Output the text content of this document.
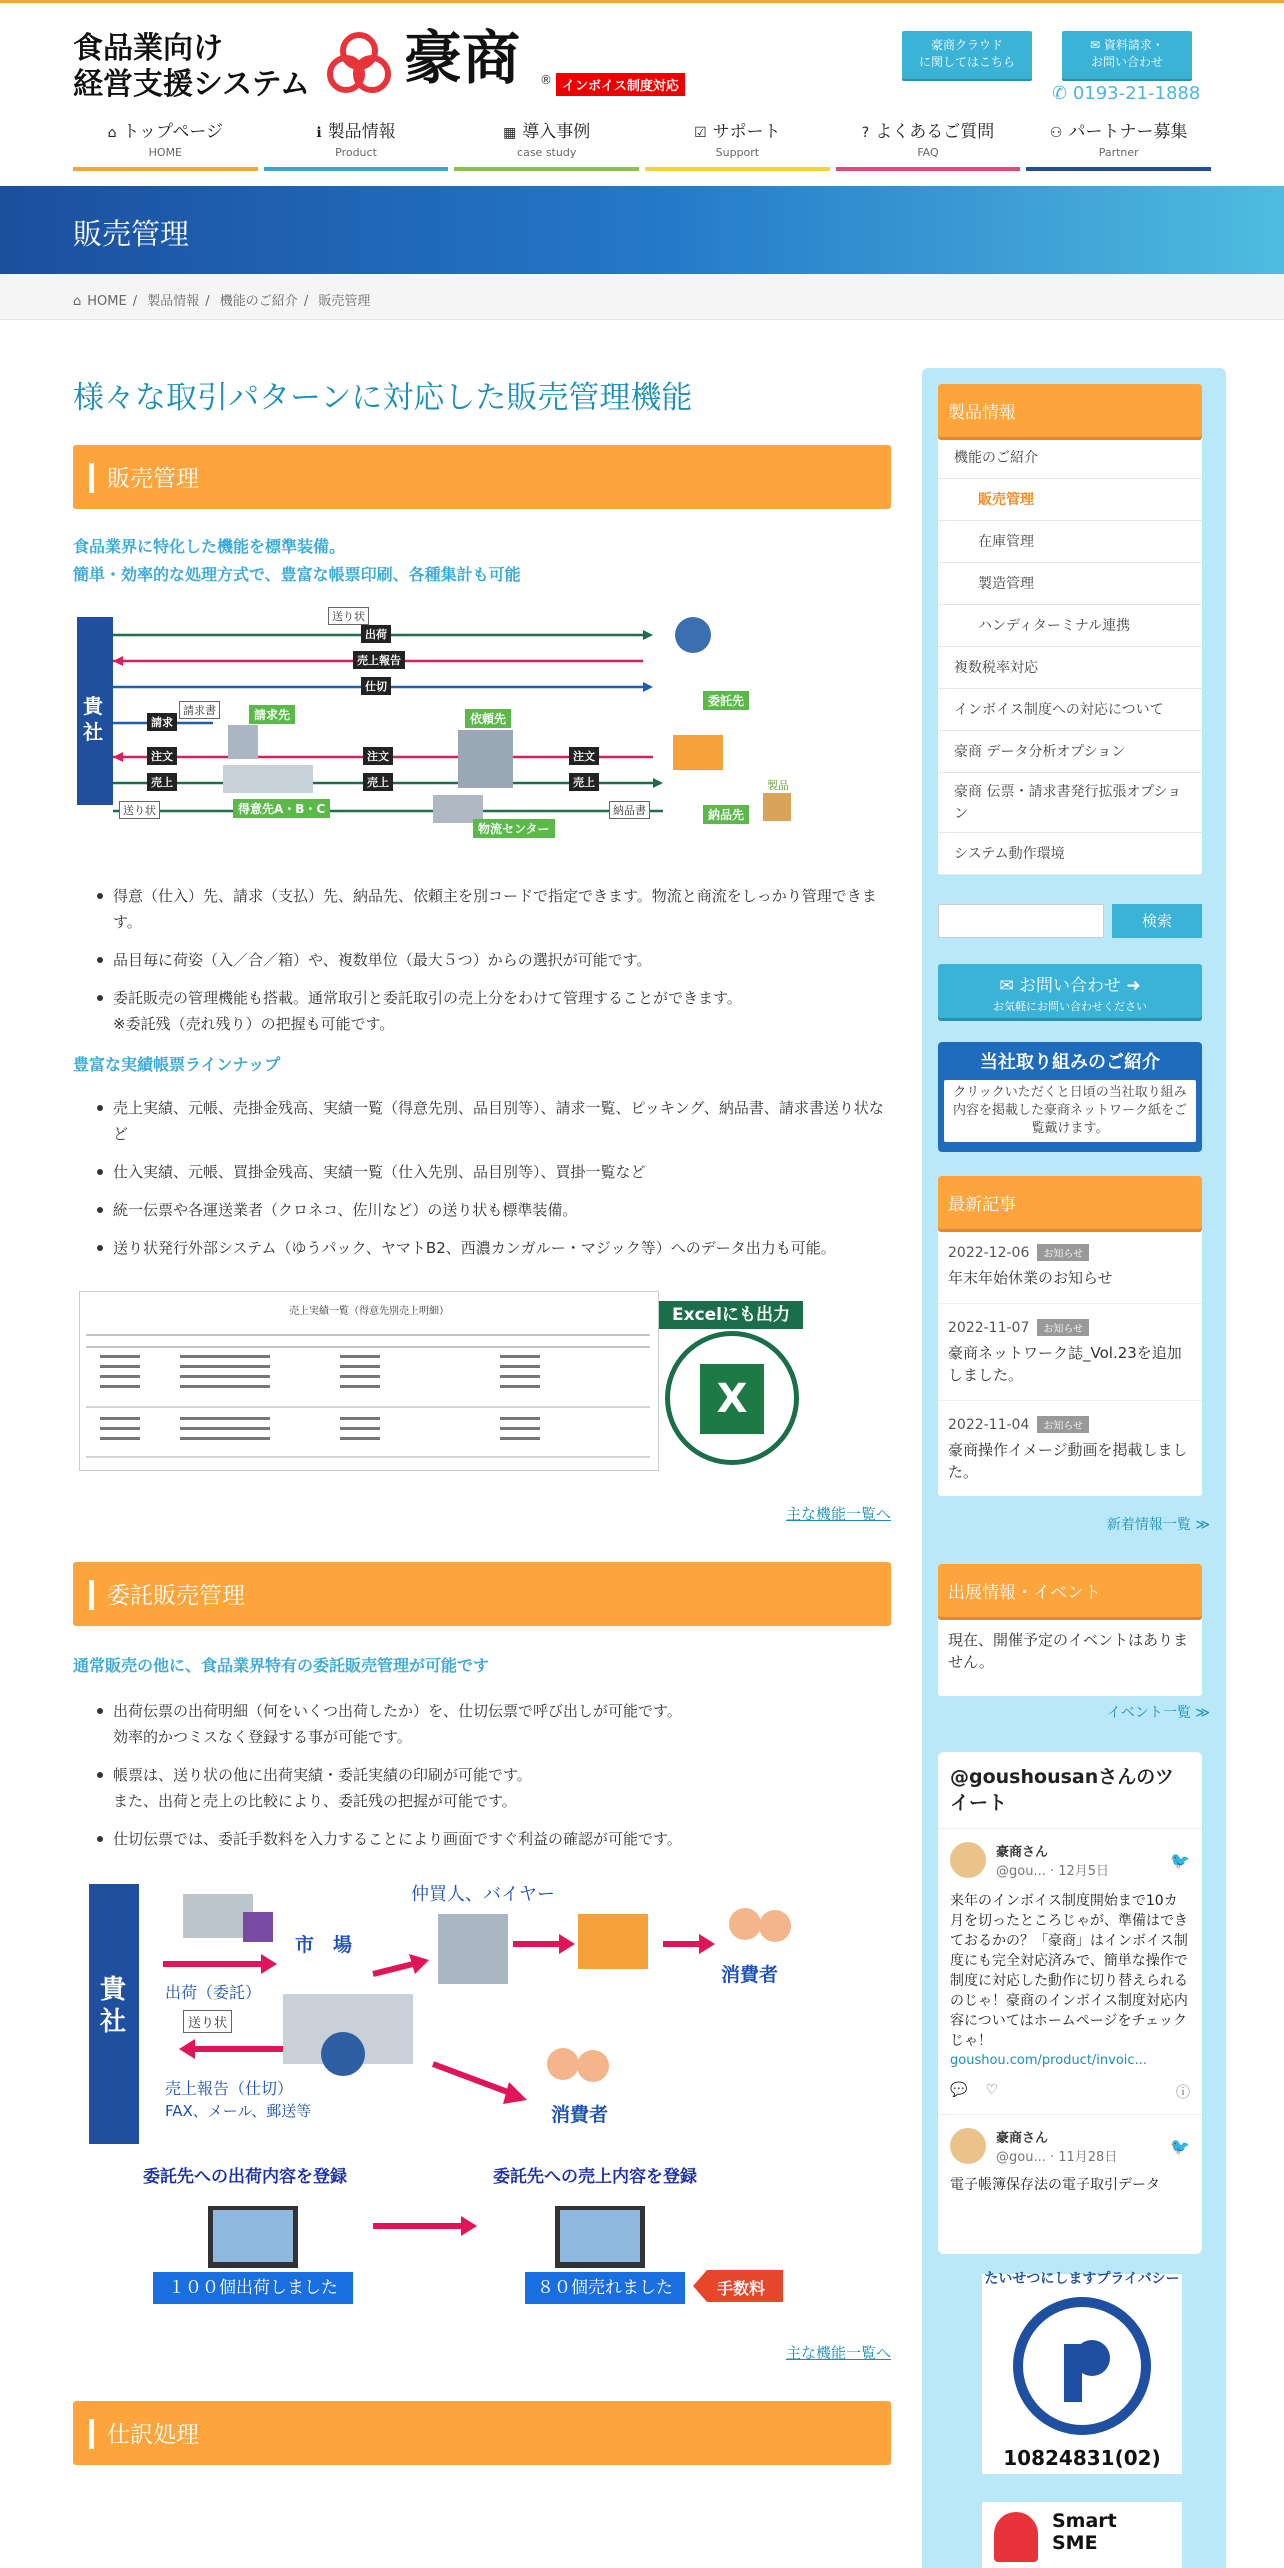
食品業向け
経営支援システム 豪商 ® インボイス制度対応
豪商クラウド
に関してはこちら
✉ 資料請求・
お問い合わせ
✆ 0193-21-1888
⌂ トップページ
HOME
ℹ 製品情報
Product
▦ 導入事例
case study
☑ サポート
Support
? よくあるご質問
FAQ
⚇ パートナー募集
Partner
販売管理
⌂ HOME / 製品情報 / 機能のご紹介 / 販売管理
様々な取引パターンに対応した販売管理機能
販売管理
食品業界に特化した機能を標準装備。
簡単・効率的な処理方式で、豊富な帳票印刷、各種集計も可能
貴社
送り状
出荷
売上報告
仕切
請求
請求書
注文
売上
送り状
請求先
得意先A・B・C
委託先
依頼先
物流センター
納品先
納品書
製品
注文
売上
注文
売上
得意（仕入）先、請求（支払）先、納品先、依頼主を別コードで指定できます。物流と商流をしっかり管理できます。
品目毎に荷姿（入／合／箱）や、複数単位（最大５つ）からの選択が可能です。
委託販売の管理機能も搭載。通常取引と委託取引の売上分をわけて管理することができます。
※委託残（売れ残り）の把握も可能です。
豊富な実績帳票ラインナップ
売上実績、元帳、売掛金残高、実績一覧（得意先別、品目別等）、請求一覧、ピッキング、納品書、請求書送り状など
仕入実績、元帳、買掛金残高、実績一覧（仕入先別、品目別等）、買掛一覧など
統一伝票や各運送業者（クロネコ、佐川など）の送り状も標準装備。
送り状発行外部システム（ゆうパック、ヤマトB2、西濃カンガルー・マジック等）へのデータ出力も可能。
売上実績一覧（得意先別売上明細）	Excelにも出力
X
主な機能一覧へ
委託販売管理
通常販売の他に、食品業界特有の委託販売管理が可能です
出荷伝票の出荷明細（何をいくつ出荷したか）を、仕切伝票で呼び出しが可能です。
効率的かつミスなく登録する事が可能です。
帳票は、送り状の他に出荷実績・委託実績の印刷が可能です。
また、出荷と売上の比較により、委託残の把握が可能です。
仕切伝票では、委託手数料を入力することにより画面ですぐ利益の確認が可能です。
貴社
仲買人、バイヤー
市　場
消費者
消費者
出荷（委託）
送り状
売上報告（仕切）
FAX、メール、郵送等
委託先への出荷内容を登録	委託先への売上内容を登録
１００個出荷しました	８０個売れました	手数料
主な機能一覧へ
仕訳処理
製品情報
機能のご紹介
販売管理
在庫管理
製造管理
ハンディターミナル連携
複数税率対応
インボイス制度への対応について
豪商 データ分析オプション
豪商 伝票・請求書発行拡張オプション
システム動作環境
検索
✉ お問い合わせ ➜
お気軽にお問い合わせください
当社取り組みのご紹介
クリックいただくと日頃の当社取り組み内容を掲載した豪商ネットワーク紙をご覧戴けます。
最新記事
2022-12-06 お知らせ
年末年始休業のお知らせ
2022-11-07 お知らせ
豪商ネットワーク誌_Vol.23を追加しました。
2022-11-04 お知らせ
豪商操作イメージ動画を掲載しました。
新着情報一覧 ≫
出展情報・イベント
現在、開催予定のイベントはありません。
イベント一覧 ≫
@goushousanさんのツイート
豪商さん
@gou... · 12月5日
🐦
来年のインボイス制度開始まで10カ月を切ったところじゃが、準備はできておるかの？「豪商」はインボイス制度にも完全対応済みで、簡単な操作で制度に対応した動作に切り替えられるのじゃ！豪商のインボイス制度対応内容についてはホームページをチェックじゃ！
goushou.com/product/invoic...
💬 ♡	ⓘ
豪商さん
@gou... · 11月28日
🐦
電子帳簿保存法の電子取引データ
たいせつにしますプライバシー
10824831(02)
Smart
SME
